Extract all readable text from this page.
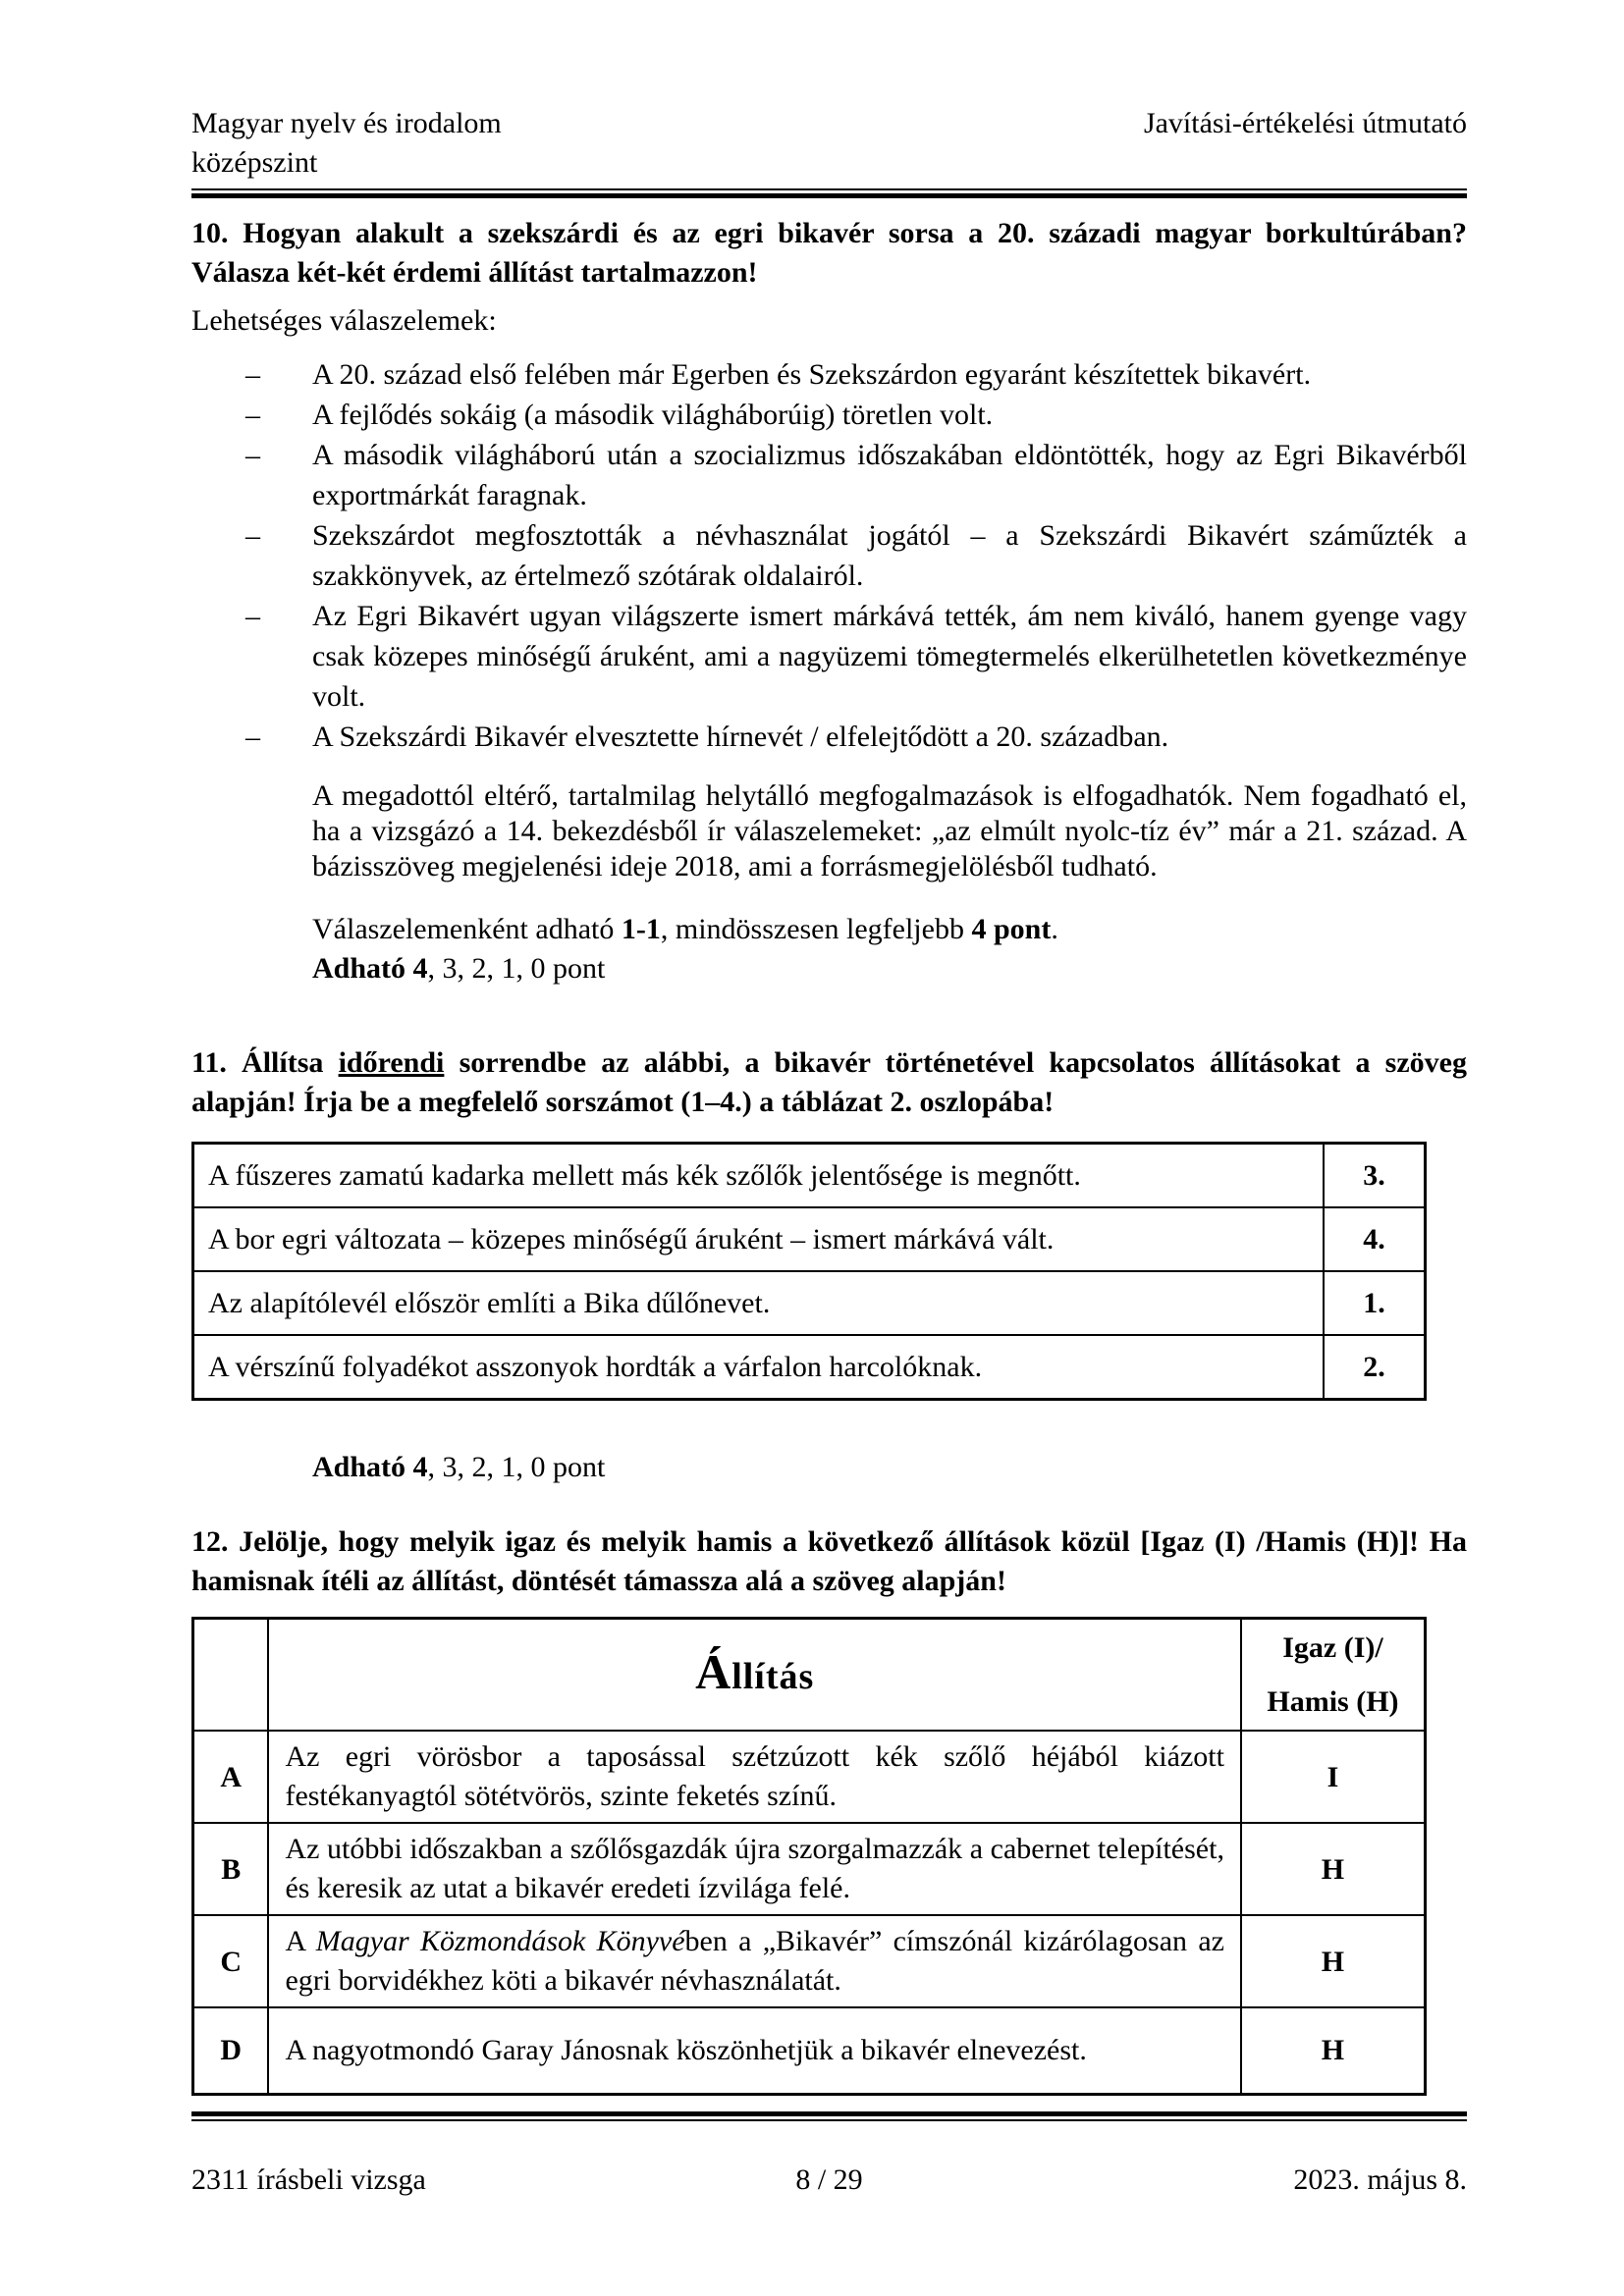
Magyar nyelv és irodalom	Javítási-értékelési útmutató
középszint

10. Hogyan alakult a szekszárdi és az egri bikavér sorsa a 20. századi magyar borkultúrában? Válasza két-két érdemi állítást tartalmazzon!

Lehetséges válaszelemek:

–	A 20. század első felében már Egerben és Szekszárdon egyaránt készítettek bikavért.
–	A fejlődés sokáig (a második világháborúig) töretlen volt.
–	A második világháború után a szocializmus időszakában eldöntötték, hogy az Egri Bikavérből exportmárkát faragnak.
–	Szekszárdot megfosztották a névhasználat jogától – a Szekszárdi Bikavért száműzték a szakkönyvek, az értelmező szótárak oldalairól.
–	Az Egri Bikavért ugyan világszerte ismert márkává tették, ám nem kiváló, hanem gyenge vagy csak közepes minőségű áruként, ami a nagyüzemi tömegtermelés elkerülhetetlen következménye volt.
–	A Szekszárdi Bikavér elvesztette hírnevét / elfelejtődött a 20. században.

A megadottól eltérő, tartalmilag helytálló megfogalmazások is elfogadhatók. Nem fogadható el, ha a vizsgázó a 14. bekezdésből ír válaszelemeket: „az elmúlt nyolc-tíz év” már a 21. század. A bázisszöveg megjelenési ideje 2018, ami a forrásmegjelölésből tudható.

Válaszelemenként adható 1-1, mindösszesen legfeljebb 4 pont.

Adható 4, 3, 2, 1, 0 pont

11. Állítsa időrendi sorrendbe az alábbi, a bikavér történetével kapcsolatos állításokat a szöveg alapján! Írja be a megfelelő sorszámot (1–4.) a táblázat 2. oszlopába!

A fűszeres zamatú kadarka mellett más kék szőlők jelentősége is megnőtt.	3.
A bor egri változata – közepes minőségű áruként – ismert márkává vált.	4.
Az alapítólevél először említi a Bika dűlőnevet.	1.
A vérszínű folyadékot asszonyok hordták a várfalon harcolóknak.	2.

Adható 4, 3, 2, 1, 0 pont

12. Jelölje, hogy melyik igaz és melyik hamis a következő állítások közül [Igaz (I) /Hamis (H)]! Ha hamisnak ítéli az állítást, döntését támassza alá a szöveg alapján!

	Állítás	Igaz (I)/
Hamis (H)

A	Az egri vörösbor a taposással szétzúzott kék szőlő héjából kiázott festékanyagtól sötétvörös, szinte feketés színű.	I
B	Az utóbbi időszakban a szőlősgazdák újra szorgalmazzák a cabernet telepítését, és keresik az utat a bikavér eredeti ízvilága felé.	H
C	A Magyar Közmondások Könyvében a „Bikavér” címszónál kizárólagosan az egri borvidékhez köti a bikavér névhasználatát.	H
D	A nagyotmondó Garay Jánosnak köszönhetjük a bikavér elnevezést.	H
2311 írásbeli vizsga	8 / 29	2023. május 8.
